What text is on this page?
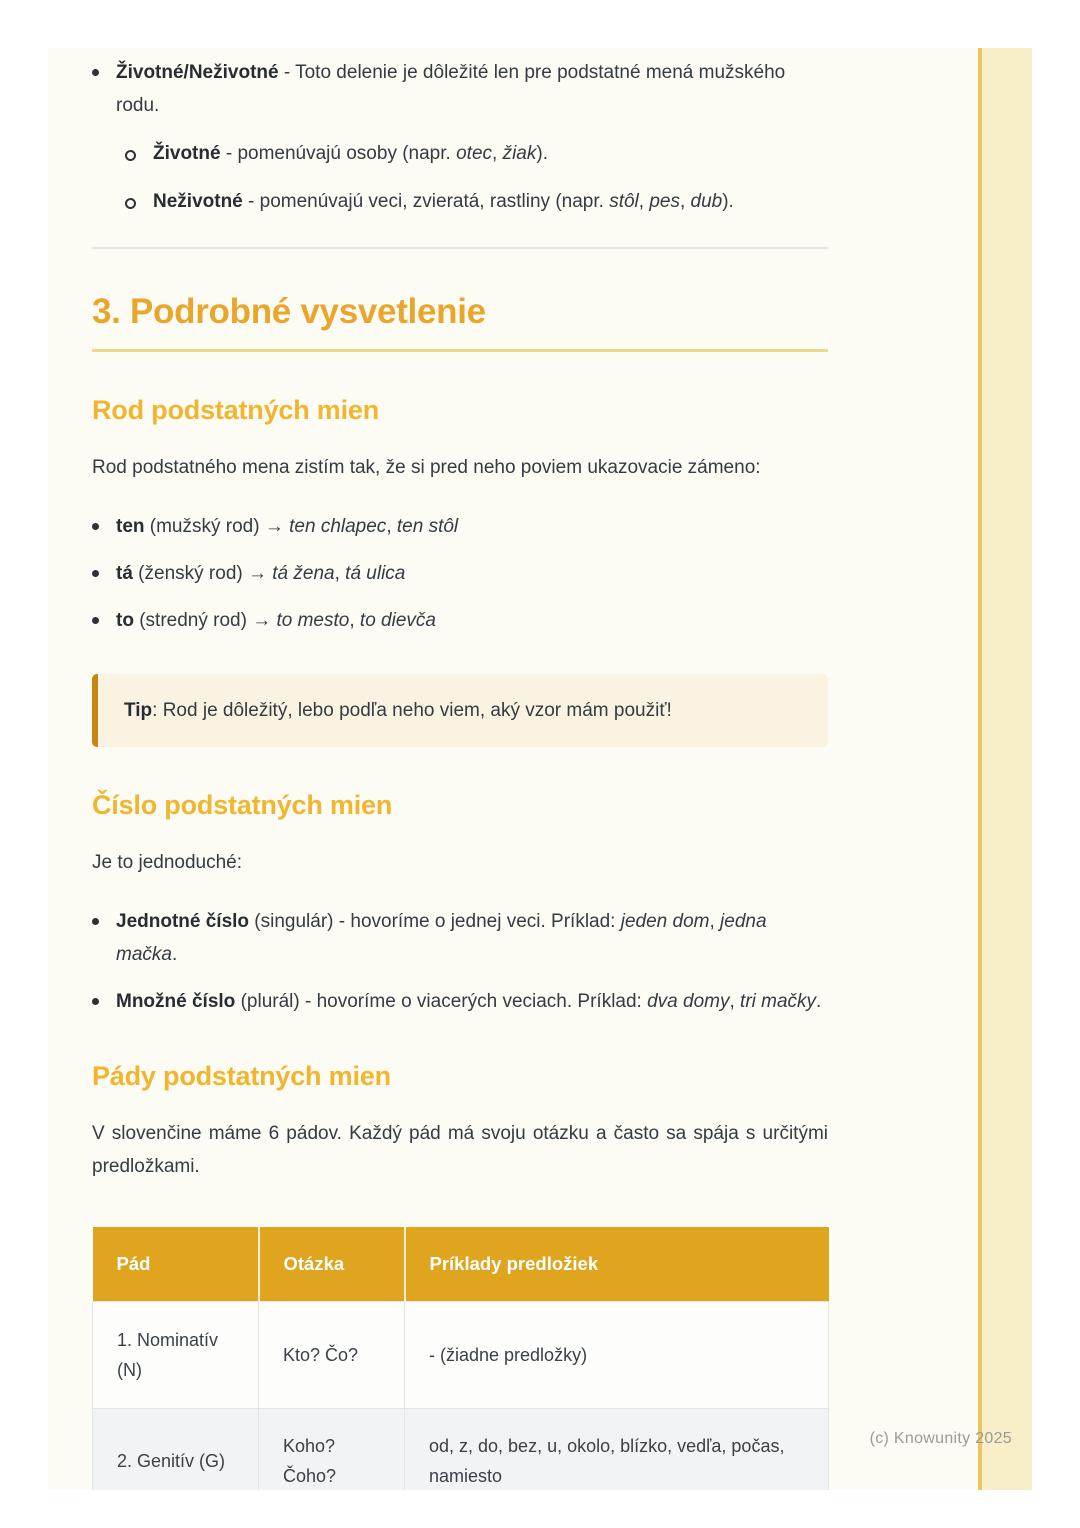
Životné/Neživotné - Toto delenie je dôležité len pre podstatné mená mužského rodu.

Životné - pomenúvajú osoby (napr. otec, žiak).

Neživotné - pomenúvajú veci, zvieratá, rastliny (napr. stôl, pes, dub).

3. Podrobné vysvetlenie
Rod podstatných mien

Rod podstatného mena zistím tak, že si pred neho poviem ukazovacie zámeno:

ten (mužský rod) → ten chlapec, ten stôl

tá (ženský rod) → tá žena, tá ulica

to (stredný rod) → to mesto, to dievča

Tip: Rod je dôležitý, lebo podľa neho viem, aký vzor mám použiť!

Číslo podstatných mien

Je to jednoduché:

Jednotné číslo (singulár) - hovoríme o jednej veci. Príklad: jeden dom, jedna mačka.

Množné číslo (plurál) - hovoríme o viacerých veciach. Príklad: dva domy, tri mačky.

Pády podstatných mien

V slovenčine máme 6 pádov. Každý pád má svoju otázku a často sa spája s určitými predložkami.

Pád	Otázka	Príklady predložiek
1. Nominatív (N)	Kto? Čo?	- (žiadne predložky)
2. Genitív (G)	Koho? Čoho?	od, z, do, bez, u, okolo, blízko, vedľa, počas, namiesto

(c) Knowunity 2025
